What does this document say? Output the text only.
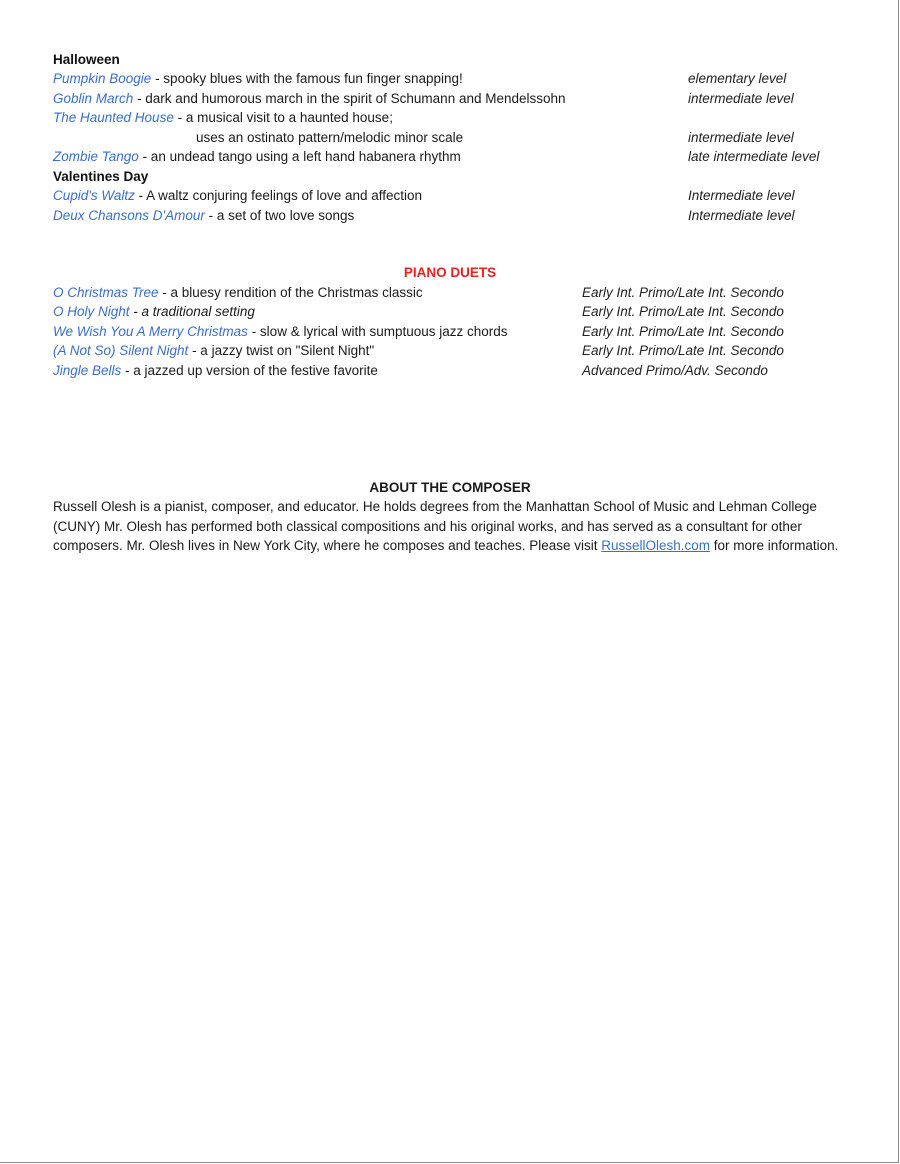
Halloween
Pumpkin Boogie - spooky blues with the famous fun finger snapping!	elementary level
Goblin March - dark and humorous march in the spirit of Schumann and Mendelssohn	intermediate level
The Haunted House - a musical visit to a haunted house;
uses an ostinato pattern/melodic minor scale	intermediate level
Zombie Tango - an undead tango using a left hand habanera rhythm	late intermediate level
Valentines Day
Cupid's Waltz - A waltz conjuring feelings of love and affection	Intermediate level
Deux Chansons D'Amour - a set of two love songs	Intermediate level
PIANO DUETS
O Christmas Tree - a bluesy rendition of the Christmas classic	Early Int. Primo/Late Int. Secondo
O Holy Night - a traditional setting	Early Int. Primo/Late Int. Secondo
We Wish You A Merry Christmas - slow & lyrical with sumptuous jazz chords	Early Int. Primo/Late Int. Secondo
(A Not So) Silent Night - a jazzy twist on "Silent Night"	Early Int. Primo/Late Int. Secondo
Jingle Bells - a jazzed up version of the festive favorite	Advanced Primo/Adv. Secondo
ABOUT THE COMPOSER
Russell Olesh is a pianist, composer, and educator. He holds degrees from the Manhattan School of Music and Lehman College (CUNY) Mr. Olesh has performed both classical compositions and his original works, and has served as a consultant for other composers. Mr. Olesh lives in New York City, where he composes and teaches. Please visit RussellOlesh.com for more information.
